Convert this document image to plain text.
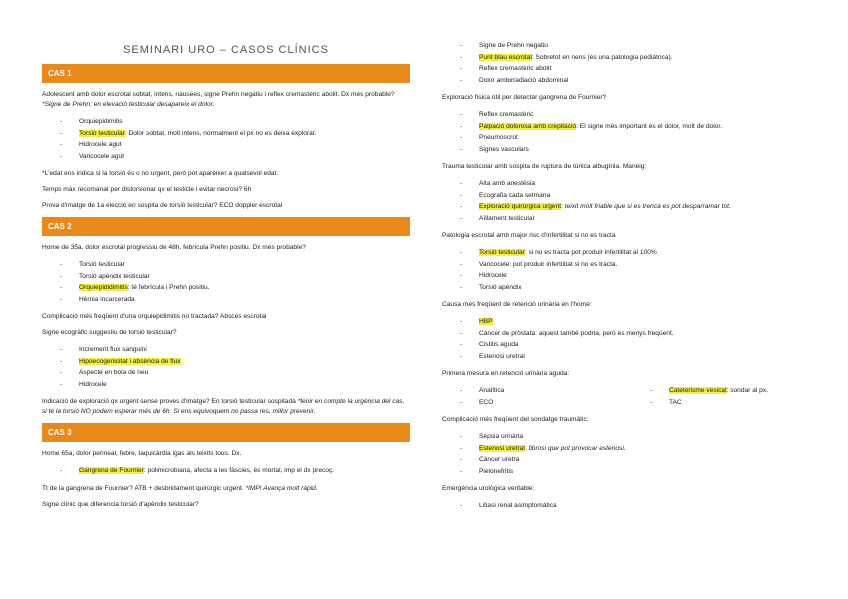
SEMINARI URO – CASOS CLÍNICS
CAS 1

Adolescent amb dolor escrotal sobtat, intens, nàusees, signe Prehn negatiu i reflex cremastèric abolit. Dx més probable? *Signe de Prehn: en elevació testicular desapareix el dolor.

- Orquiepidimitis
- Torsió testicular: Dolor sobtat, molt intens, normalment el px no es deixa explorar.
- Hidrocele agut
- Varicocele agut

*L'edat ens indica si la torsió és o no urgent, però pot aparèixer a qualsevol edat.

Temps màx recomanat per distorsionar qx el testicle i evitar necrosi? 6h

Prova d'imatge de 1a elecció en sospita de torsió testicular? ECO doppler escrotal

CAS 2

Home de 35a, dolor escrotal progressiu de 48h, febrícula Prehn positiu. Dx més probable?

- Torsió testicular
- Torsió apèndix testicular
- Orquiepididimitis: té febrícula i Prehn positiu.
- Hèrnia incarcerada

Complicació més freqüent d'una orquiepidimitis no tractada? Abscés escrotal

Signe ecogràfic suggestiu de torsió testicular?

- Increment flux sanguini
- Hipoecogenicitat i absència de flux
- Aspecte en bola de neu
- Hidrocele

Indicació de exploració qx urgent sense proves d'imatge? En torsió testicular sospitada *tenir en compte la urgència del cas, si té la torsió NO podem esperar més de 6h. Si ens equivoquem no passa res, millor prevenir.

CAS 3

Home 65a, dolor perineal, febre, taquicàrdia igas als teixits tous. Dx.

- Gangrena de Fournier: polimicrobiana, afecta a les fàscies, és mortal, imp el dx precoç.

Tt de la gangrena de Fournier? ATB + desbridament quirúrgic urgent. *IMP! Avança molt ràpid.

Signe clínic que diferencia torsió d'apèndix testicular?

- Signe de Prehn negatiu
- Punt blau escrotal: Sobretot en nens (és una patologia pediàtrica).
- Reflex cremastèric abolit
- Dolor ambirradiació abdominal

Exploració física útil per detectar gangrena de Fournier?

- Reflex cremastèric
- Palpació dolorosa amb crepitació: El signe més important és el dolor, molt de dolor.
- Pneumoscrot
- Signes vasculars

Trauma testicular amb sospita de ruptura de túnica albugínia. Maneig:

- Alta amb anestèsia
- Ecografia cada setmana
- Exploració quirúrgica urgent: teixit molt friable que si es trenca es pot desparramar tot.
- Aïllament testicular

Patologia escrotal amb major risc d'infertilitat si no es tracta

- Torsió testicular: si no es tracta pot produir infertilitat al 100%
- Varicocele: pot produir infertilitat si no es tracta.
- Hidrocele
- Torsió apèndix

Causa més freqüent de retenció urinària en l'home:

- HBP
- Càncer de pròstata: aquest també podria, però és menys freqüent.
- Cistitis aguda
- Estenosi uretral

Primera mesura en retenció urinària aguda:

- Analítica
- ECO
- Cateterisme vesical: sondar al px.
- TAC

Complicació més freqüent del sondatge traumàtic:

- Sèpsia urinària
- Estenosi uretral: fibrosi que pot provocar estenosi.
- Càncer uretra
- Pielonefritis

Emergència urològica veritable:

- Litiasi renal asimptomàtica
